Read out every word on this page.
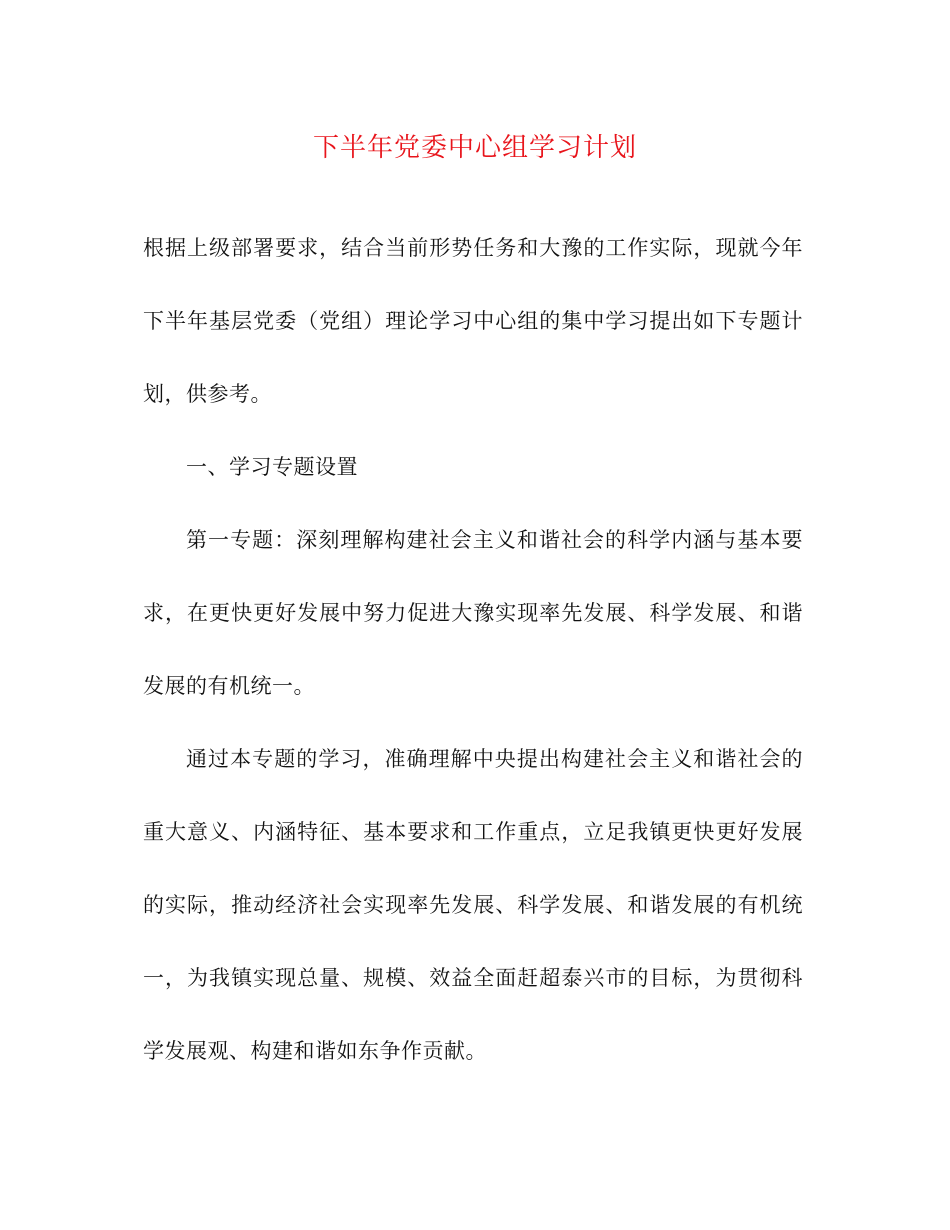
下半年党委中心组学习计划

根据上级部署要求，结合当前形势任务和大豫的工作实际，现就今年下半年基层党委（党组）理论学习中心组的集中学习提出如下专题计划，供参考。

一、学习专题设置

第一专题：深刻理解构建社会主义和谐社会的科学内涵与基本要求，在更快更好发展中努力促进大豫实现率先发展、科学发展、和谐发展的有机统一。

通过本专题的学习，准确理解中央提出构建社会主义和谐社会的重大意义、内涵特征、基本要求和工作重点，立足我镇更快更好发展的实际，推动经济社会实现率先发展、科学发展、和谐发展的有机统一，为我镇实现总量、规模、效益全面赶超泰兴市的目标，为贯彻科学发展观、构建和谐如东争作贡献。
